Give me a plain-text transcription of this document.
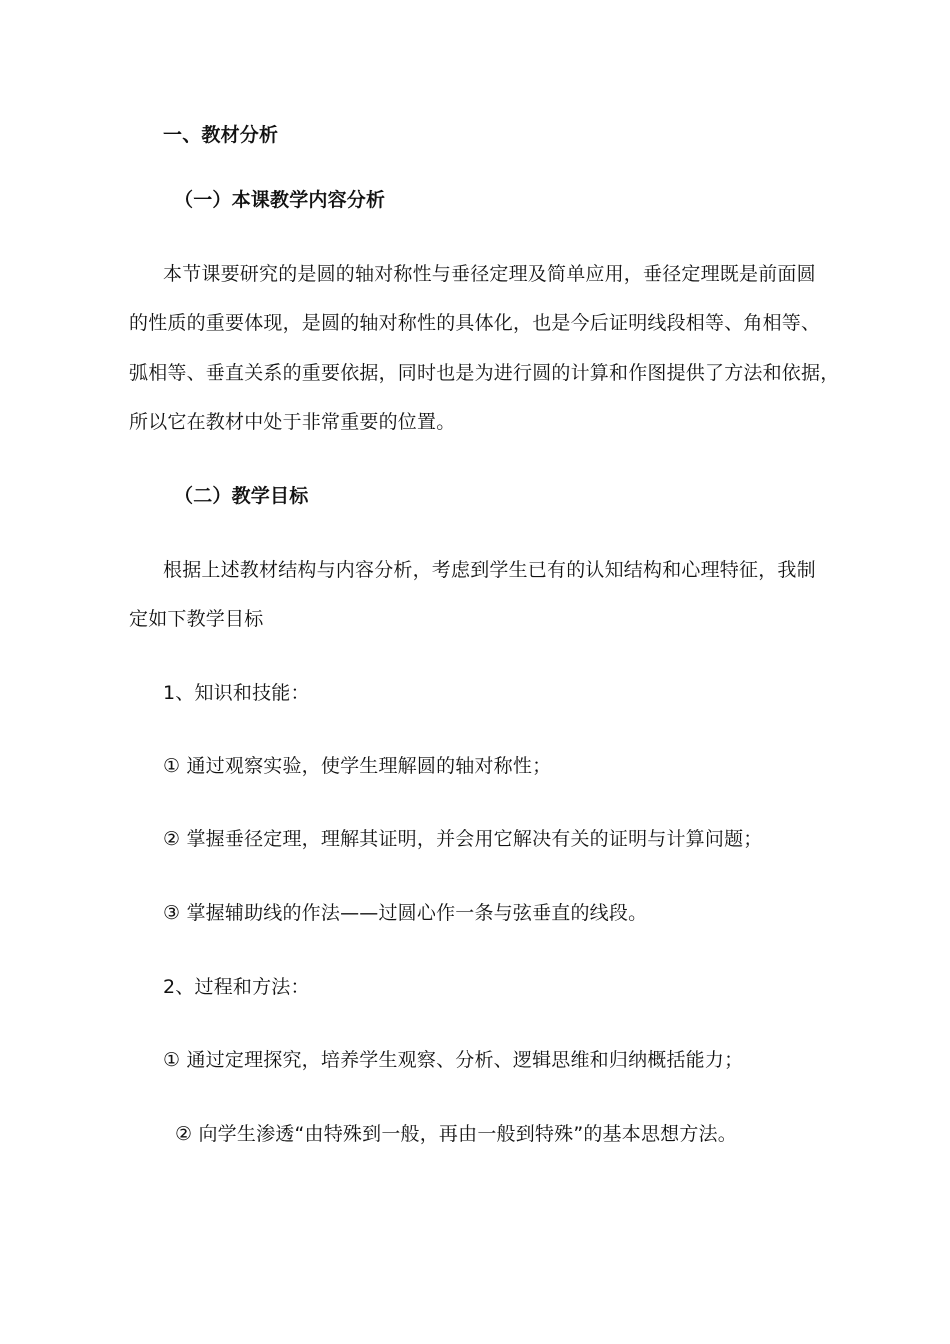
一、教材分析
（一）本课教学内容分析
本节课要研究的是圆的轴对称性与垂径定理及简单应用，垂径定理既是前面圆
的性质的重要体现，是圆的轴对称性的具体化，也是今后证明线段相等、角相等、
弧相等、垂直关系的重要依据，同时也是为进行圆的计算和作图提供了方法和依据，
所以它在教材中处于非常重要的位置。
（二）教学目标
根据上述教材结构与内容分析，考虑到学生已有的认知结构和心理特征，我制
定如下教学目标
1、知识和技能：
① 通过观察实验，使学生理解圆的轴对称性；
② 掌握垂径定理，理解其证明，并会用它解决有关的证明与计算问题；
③ 掌握辅助线的作法——过圆心作一条与弦垂直的线段。
2、过程和方法：
① 通过定理探究，培养学生观察、分析、逻辑思维和归纳概括能力；
② 向学生渗透“由特殊到一般，再由一般到特殊”的基本思想方法。
